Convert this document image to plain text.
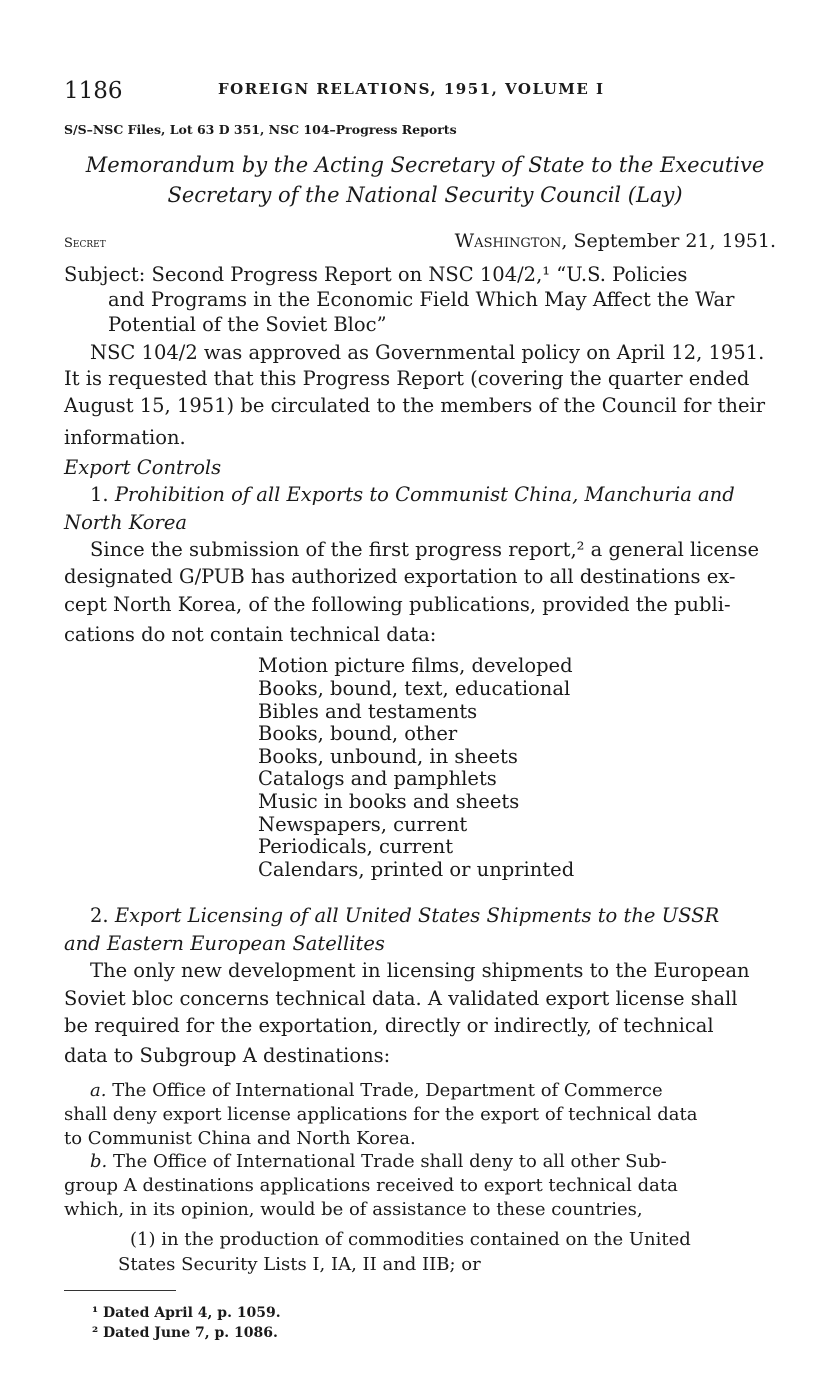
1186	FOREIGN RELATIONS, 1951, VOLUME I
S/S–NSC Files, Lot 63 D 351, NSC 104–Progress Reports
Memorandum by the Acting Secretary of State to the Executive
Secretary of the National Security Council (Lay)
Secret	Washington, September 21, 1951.
Subject: Second Progress Report on NSC 104/2,¹ “U.S. Policies
and Programs in the Economic Field Which May Affect the War
Potential of the Soviet Bloc”
NSC 104/2 was approved as Governmental policy on April 12, 1951.
It is requested that this Progress Report (covering the quarter ended
August 15, 1951) be circulated to the members of the Council for their
information.
Export Controls
1. Prohibition of all Exports to Communist China, Manchuria and
North Korea
Since the submission of the first progress report,² a general license
designated G/PUB has authorized exportation to all destinations ex-
cept North Korea, of the following publications, provided the publi-
cations do not contain technical data:
Motion picture films, developed
Books, bound, text, educational
Bibles and testaments
Books, bound, other
Books, unbound, in sheets
Catalogs and pamphlets
Music in books and sheets
Newspapers, current
Periodicals, current
Calendars, printed or unprinted
2. Export Licensing of all United States Shipments to the USSR
and Eastern European Satellites
The only new development in licensing shipments to the European
Soviet bloc concerns technical data. A validated export license shall
be required for the exportation, directly or indirectly, of technical
data to Subgroup A destinations:
a. The Office of International Trade, Department of Commerce
shall deny export license applications for the export of technical data
to Communist China and North Korea.
b. The Office of International Trade shall deny to all other Sub-
group A destinations applications received to export technical data
which, in its opinion, would be of assistance to these countries,
(1) in the production of commodities contained on the United
States Security Lists I, IA, II and IIB; or
¹ Dated April 4, p. 1059.
² Dated June 7, p. 1086.
